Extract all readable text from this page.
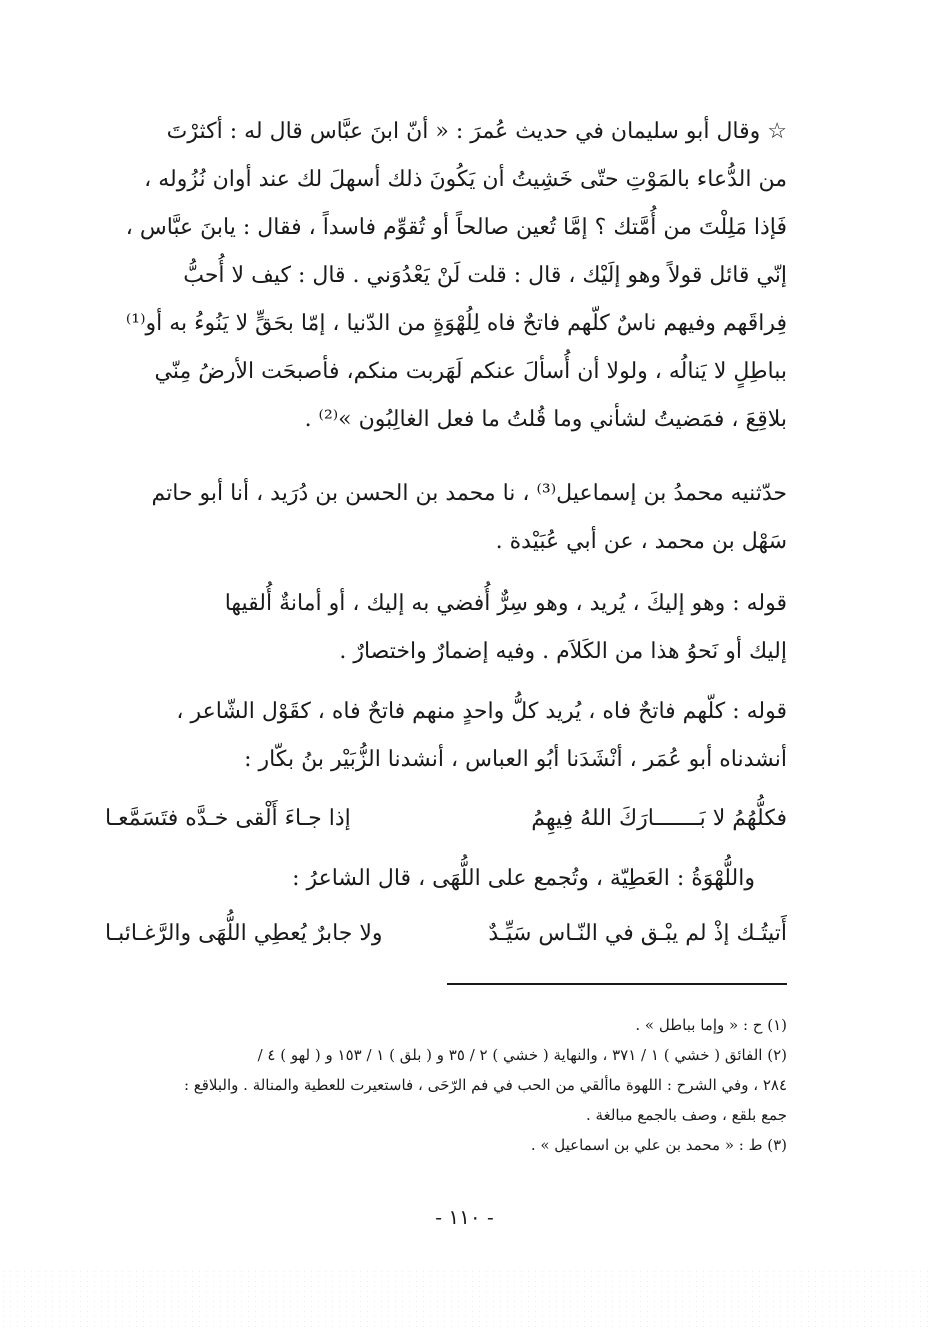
☆ وقال أبو سليمان في حديث عُمرَ : « أنّ ابنَ عبَّاس قال له : أكثرْتَ
من الدُّعاء بالمَوْتِ حتّى خَشِيتُ أن يَكُونَ ذلك أسهلَ لك عند أوان نُزُوله ،
فَإذا مَلِلْتَ من أُمَّتك ؟ إمَّا تُعين صالحاً أو تُقوِّم فاسداً ، فقال : يابنَ عبَّاس ،
إنّي قائل قولاً وهو إلَيْك ، قال : قلت لَنْ يَعْدُوَني . قال : كيف لا أُحبُّ
فِراقَهم وفيهم ناسٌ كلّهم فاتحٌ فاه لِلُهْوَةٍ من الدّنيا ، إمّا بحَقٍّ لا يَنُوءُ به أو⁽¹⁾
بباطِلٍ لا يَنالُه ، ولولا أن أُسألَ عنكم لَهَربت منكم، فأصبحَت الأرضُ مِنّي
بلاقِعَ ، فمَضيتُ لشأني وما قُلتُ ما فعل الغالِبُون »⁽²⁾ .
حدّثنيه محمدُ بن إسماعيل⁽³⁾ ، نا محمد بن الحسن بن دُرَيد ، أنا أبو حاتم
سَهْل بن محمد ، عن أبي عُبَيْدة .
قوله : وهو إليكَ ، يُريد ، وهو سِرٌّ أُفضي به إليك ، أو أمانةٌ أُلقيها
إليك أو نَحوُ هذا من الكَلاَم . وفيه إضمارٌ واختصارٌ .
قوله : كلّهم فاتحٌ فاه ، يُريد كلُّ واحدٍ منهم فاتحٌ فاه ، كقَوْل الشّاعر ،
أنشدناه أبو عُمَر ، أنْشَدَنا أبُو العباس ، أنشدنا الزُّبَيْر بنُ بكّار :
فكلُّهُمُ لا بَـــــــارَكَ اللهُ فِيهِمُ
إذا جـاءَ أَلْقى خـدَّه فتَسَمَّعـا
واللُّهْوَةُ : العَطِيّة ، وتُجمع على اللُّهَى ، قال الشاعرُ :
أَتيتُـك إذْ لم يبْـق في النّـاس سَيِّـدٌ
ولا جابرٌ يُعطِي اللُّهَى والرَّغـائبـا
(١) ح : « وإما بباطل » .
(٢) الفائق ( خشي ) ١ / ٣٧١ ، والنهاية ( خشي ) ٢ / ٣٥ و ( بلق ) ١ / ١٥٣ و ( لهو ) ٤ /
٢٨٤ ، وفي الشرح : اللهوة ماألقي من الحب في فم الرّحَى ، فاستعيرت للعطية والمنالة . والبلاقع :
جمع بلقع ، وصف بالجمع مبالغة .
(٣) ط : « محمد بن علي بن اسماعيل » .
- ١١٠ -
